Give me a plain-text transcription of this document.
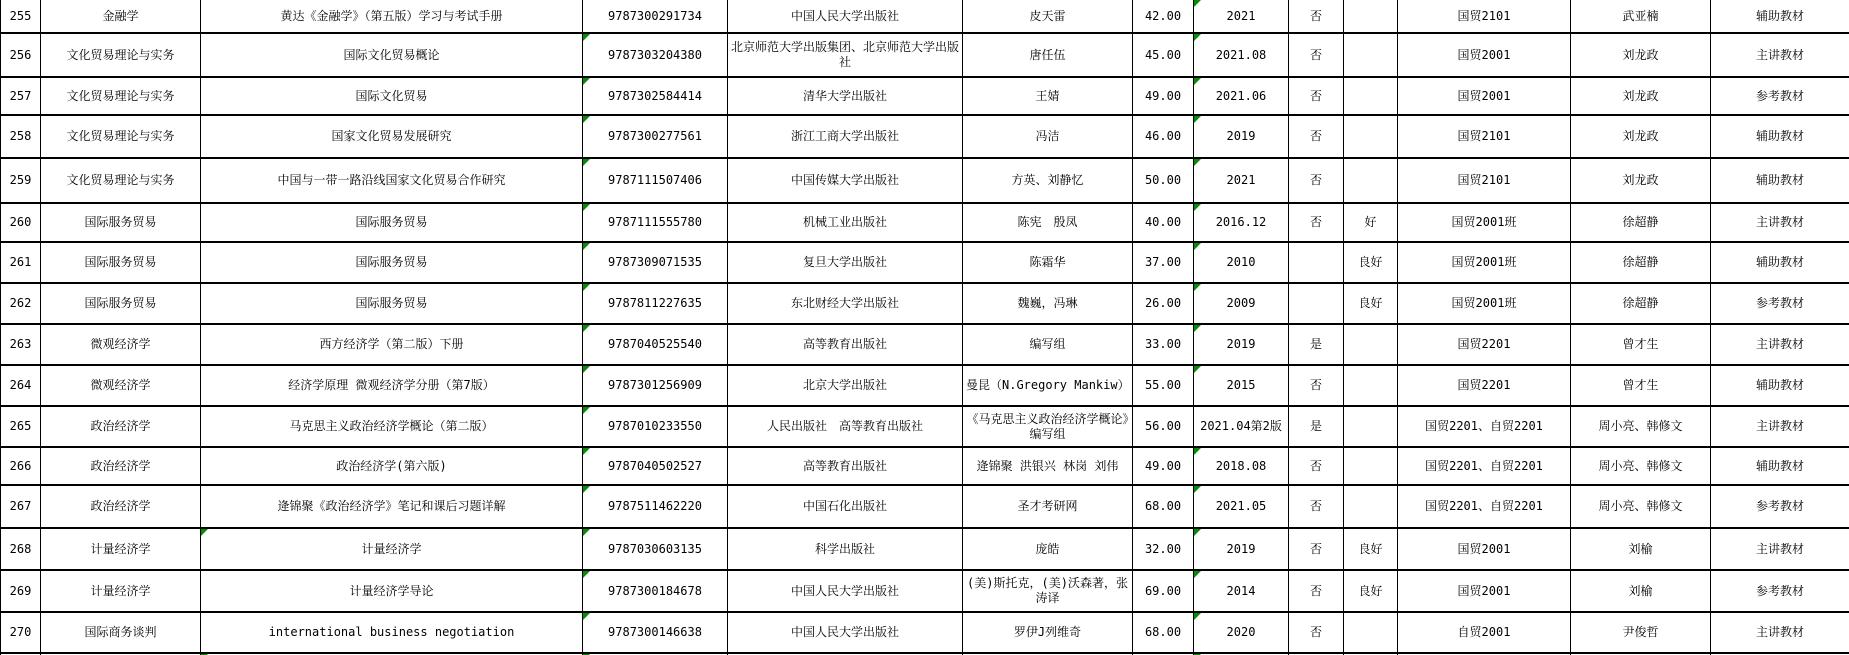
255	金融学	黄达《金融学》（第五版）学习与考试手册	9787300291734	中国人民大学出版社	皮天雷	42.00	2021	否		国贸2101	武亚楠	辅助教材
256	文化贸易理论与实务	国际文化贸易概论	9787303204380	北京师范大学出版集团、北京师范大学出版社	唐任伍	45.00	2021.08	否		国贸2001	刘龙政	主讲教材
257	文化贸易理论与实务	国际文化贸易	9787302584414	清华大学出版社	王婧	49.00	2021.06	否		国贸2001	刘龙政	参考教材
258	文化贸易理论与实务	国家文化贸易发展研究	9787300277561	浙江工商大学出版社	冯洁	46.00	2019	否		国贸2101	刘龙政	辅助教材
259	文化贸易理论与实务	中国与一带一路沿线国家文化贸易合作研究	9787111507406	中国传媒大学出版社	方英、刘静忆	50.00	2021	否		国贸2101	刘龙政	辅助教材
260	国际服务贸易	国际服务贸易	9787111555780	机械工业出版社	陈宪　殷凤	40.00	2016.12	否	好	国贸2001班	徐超静	主讲教材
261	国际服务贸易	国际服务贸易	9787309071535	复旦大学出版社	陈霜华	37.00	2010		良好	国贸2001班	徐超静	辅助教材
262	国际服务贸易	国际服务贸易	9787811227635	东北财经大学出版社	魏巍，冯琳	26.00	2009		良好	国贸2001班	徐超静	参考教材
263	微观经济学	西方经济学（第二版）下册	9787040525540	高等教育出版社	编写组	33.00	2019	是		国贸2201	曾才生	主讲教材
264	微观经济学	经济学原理 微观经济学分册（第7版）	9787301256909	北京大学出版社	曼昆（N.Gregory Mankiw）	55.00	2015	否		国贸2201	曾才生	辅助教材
265	政治经济学	马克思主义政治经济学概论（第二版）	9787010233550	人民出版社　高等教育出版社	《马克思主义政治经济学概论》编写组	56.00	2021.04第2版	是		国贸2201、自贸2201	周小亮、韩修文	主讲教材
266	政治经济学	政治经济学(第六版)	9787040502527	高等教育出版社	逄锦聚 洪银兴 林岗 刘伟	49.00	2018.08	否		国贸2201、自贸2201	周小亮、韩修文	辅助教材
267	政治经济学	逄锦聚《政治经济学》笔记和课后习题详解	9787511462220	中国石化出版社	圣才考研网	68.00	2021.05	否		国贸2201、自贸2201	周小亮、韩修文	参考教材
268	计量经济学	计量经济学	9787030603135	科学出版社	庞皓	32.00	2019	否	良好	国贸2001	刘榆	主讲教材
269	计量经济学	计量经济学导论	9787300184678	中国人民大学出版社	(美)斯托克，(美)沃森著，张涛译	69.00	2014	否	良好	国贸2001	刘榆	参考教材
270	国际商务谈判	international business negotiation	9787300146638	中国人民大学出版社	罗伊J列维奇	68.00	2020	否		自贸2001	尹俊哲	主讲教材
